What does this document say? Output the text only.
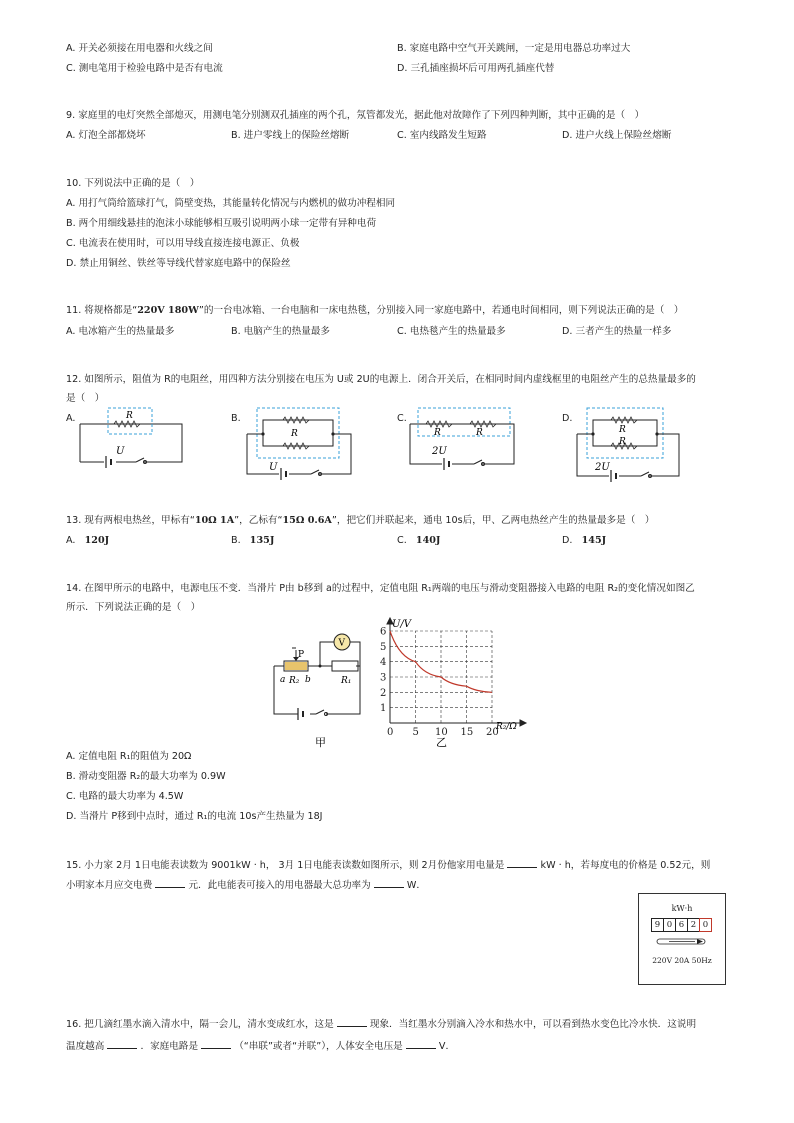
A. 开关必须接在用电器和火线之间	B. 家庭电路中空气开关跳闸，一定是用电器总功率过大
C. 测电笔用于检验电路中是否有电流	D. 三孔插座损坏后可用两孔插座代替
9. 家庭里的电灯突然全部熄灭，用测电笔分别测双孔插座的两个孔，氖管都发光，据此他对故障作了下列四种判断，其中正确的是（　）
A. 灯泡全部都烧坏	B. 进户零线上的保险丝熔断	C. 室内线路发生短路	D. 进户火线上保险丝熔断
10. 下列说法中正确的是（　）
A. 用打气筒给篮球打气，筒壁变热，其能量转化情况与内燃机的做功冲程相同
B. 两个用细线悬挂的泡沫小球能够相互吸引说明两小球一定带有异种电荷
C. 电流表在使用时，可以用导线直接连接电源正、负极
D. 禁止用铜丝、铁丝等导线代替家庭电路中的保险丝
11. 将规格都是“220V 180W”的一台电冰箱、一台电脑和一床电热毯，分别接入同一家庭电路中，若通电时间相同，则下列说法正确的是（　）
A. 电冰箱产生的热量最多	B. 电脑产生的热量最多	C. 电热毯产生的热量最多	D. 三者产生的热量一样多
12. 如图所示，阻值为 R的电阻丝，用四种方法分别接在电压为 U或 2U的电源上．闭合开关后，在相同时间内虚线框里的电阻丝产生的总热量最多的
是（　）
A.	B.	C.	D.
R
U
R
U
R	R
2U
R
R
2U
13. 现有两根电热丝，甲标有“10Ω 1A”，乙标有“15Ω 0.6A”，把它们并联起来，通电 10s后，甲、乙两电热丝产生的热量最多是（　）
A. 120J	B. 135J	C. 140J	D. 145J
14. 在图甲所示的电路中，电源电压不变．当滑片 P由 b移到 a的过程中，定值电阻 R₁两端的电压与滑动变阻器接入电路的电阻 R₂的变化情况如图乙
所示．下列说法正确的是（　）
V
P
a R₂ b	R₁
甲
1
2
3
4
5
6
0 5 10 15 20
U/V
R₂/Ω
乙
A. 定值电阻 R₁的阻值为 20Ω
B. 滑动变阻器 R₂的最大功率为 0.9W
C. 电路的最大功率为 4.5W
D. 当滑片 P移到中点时，通过 R₁的电流 10s产生热量为 18J
15. 小力家 2月 1日电能表读数为 9001kW · h， 3月 1日电能表读数如图所示，则 2月份他家用电量是	kW · h，若每度电的价格是 0.52元，则
小明家本月应交电费	元．此电能表可接入的用电器最大总功率为	W．
kW·h
9 0 6 2 0
220V 20A 50Hz
16. 把几滴红墨水滴入清水中，隔一会儿，清水变成红水，这是	现象．当红墨水分别滴入冷水和热水中，可以看到热水变色比冷水快．这说明
温度越高	．家庭电路是	（“串联”或者“并联”），人体安全电压是	V．
